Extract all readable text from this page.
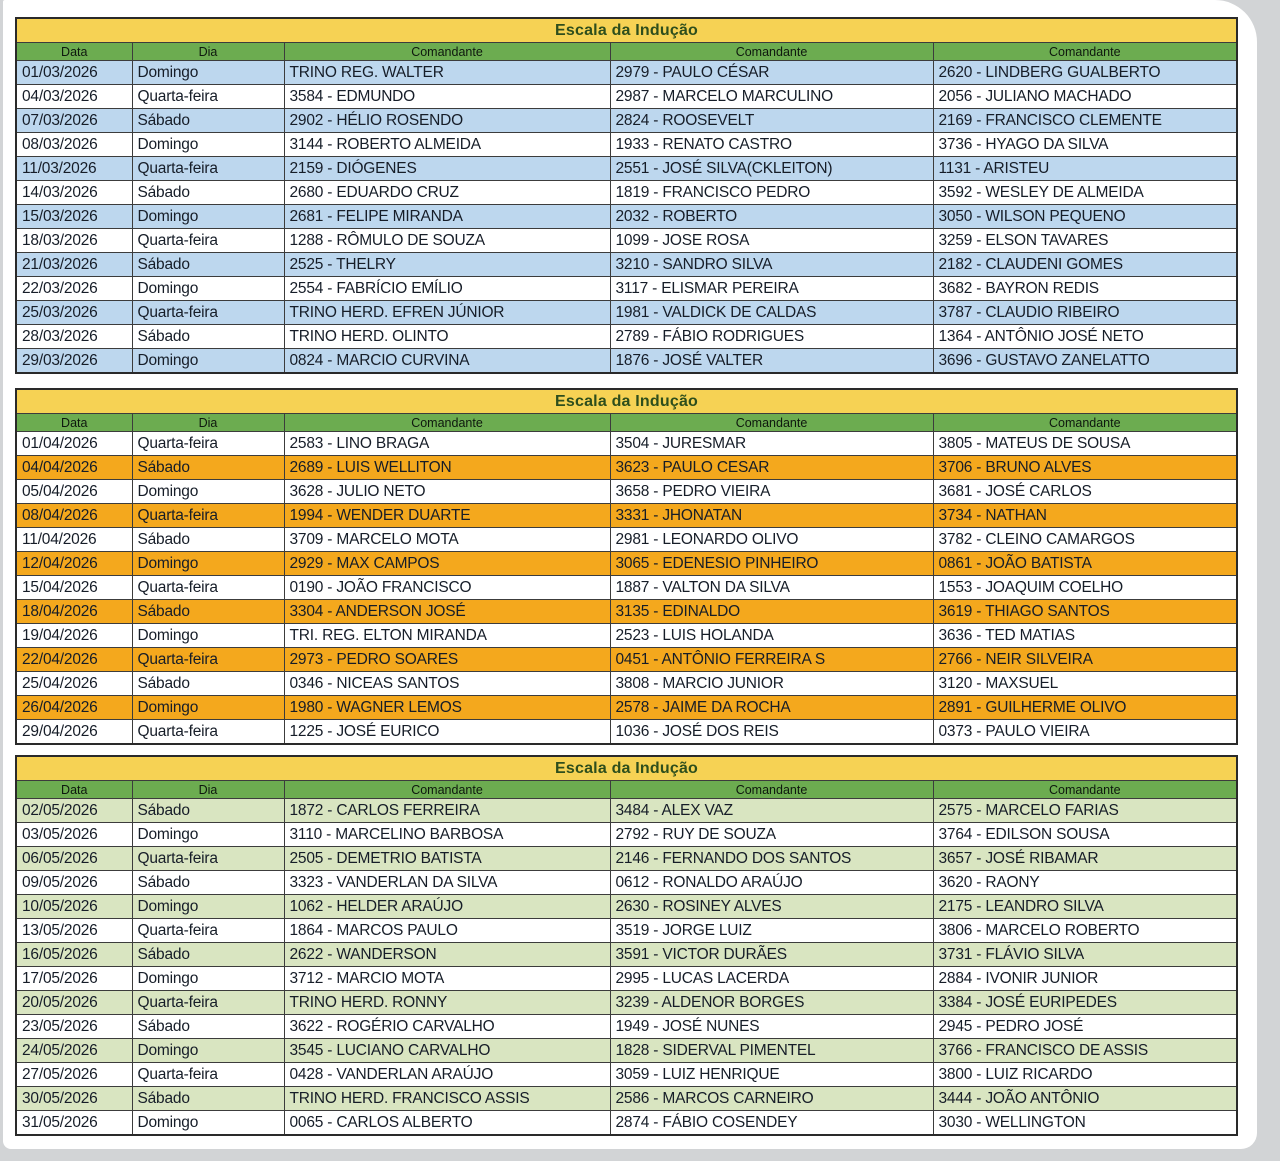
Escala da Indução				
Data	Dia	Comandante	Comandante	Comandante
01/03/2026	Domingo	TRINO REG. WALTER	2979 - PAULO CÉSAR	2620 - LINDBERG GUALBERTO
04/03/2026	Quarta-feira	3584 - EDMUNDO	2987 - MARCELO MARCULINO	2056 - JULIANO MACHADO
07/03/2026	Sábado	2902 - HÉLIO ROSENDO	2824 - ROOSEVELT	2169 - FRANCISCO CLEMENTE
08/03/2026	Domingo	3144 - ROBERTO ALMEIDA	1933 - RENATO CASTRO	3736 - HYAGO DA SILVA
11/03/2026	Quarta-feira	2159 - DIÓGENES	2551 - JOSÉ SILVA(CKLEITON)	1131 - ARISTEU
14/03/2026	Sábado	2680 - EDUARDO CRUZ	1819 - FRANCISCO PEDRO	3592 - WESLEY DE ALMEIDA
15/03/2026	Domingo	2681 - FELIPE MIRANDA	2032 - ROBERTO	3050 - WILSON PEQUENO
18/03/2026	Quarta-feira	1288 - RÔMULO DE SOUZA	1099 - JOSE ROSA	3259 - ELSON TAVARES
21/03/2026	Sábado	2525 - THELRY	3210 - SANDRO SILVA	2182 - CLAUDENI GOMES
22/03/2026	Domingo	2554 - FABRÍCIO EMÍLIO	3117 - ELISMAR PEREIRA	3682 - BAYRON REDIS
25/03/2026	Quarta-feira	TRINO HERD. EFREN JÚNIOR	1981 - VALDICK DE CALDAS	3787 - CLAUDIO RIBEIRO
28/03/2026	Sábado	TRINO HERD. OLINTO	2789 - FÁBIO RODRIGUES	1364 - ANTÔNIO JOSÉ NETO
29/03/2026	Domingo	0824 - MARCIO CURVINA	1876 - JOSÉ VALTER	3696 - GUSTAVO ZANELATTO
Escala da Indução				
Data	Dia	Comandante	Comandante	Comandante
01/04/2026	Quarta-feira	2583 - LINO BRAGA	3504 - JURESMAR	3805 - MATEUS DE SOUSA
04/04/2026	Sábado	2689 - LUIS WELLITON	3623 - PAULO CESAR	3706 - BRUNO ALVES
05/04/2026	Domingo	3628 - JULIO NETO	3658 - PEDRO VIEIRA	3681 - JOSÉ CARLOS
08/04/2026	Quarta-feira	1994 - WENDER DUARTE	3331 - JHONATAN	3734 - NATHAN
11/04/2026	Sábado	3709 - MARCELO MOTA	2981 - LEONARDO OLIVO	3782 - CLEINO CAMARGOS
12/04/2026	Domingo	2929 - MAX CAMPOS	3065 - EDENESIO PINHEIRO	0861 - JOÃO BATISTA
15/04/2026	Quarta-feira	0190 - JOÃO FRANCISCO	1887 - VALTON DA SILVA	1553 - JOAQUIM COELHO
18/04/2026	Sábado	3304 - ANDERSON JOSÉ	3135 - EDINALDO	3619 - THIAGO SANTOS
19/04/2026	Domingo	TRI. REG. ELTON MIRANDA	2523 - LUIS HOLANDA	3636 - TED MATIAS
22/04/2026	Quarta-feira	2973 - PEDRO SOARES	0451 - ANTÔNIO FERREIRA S	2766 - NEIR SILVEIRA
25/04/2026	Sábado	0346 - NICEAS SANTOS	3808 - MARCIO JUNIOR	3120 - MAXSUEL
26/04/2026	Domingo	1980 - WAGNER LEMOS	2578 - JAIME DA ROCHA	2891 - GUILHERME OLIVO
29/04/2026	Quarta-feira	1225 - JOSÉ EURICO	1036 - JOSÉ DOS REIS	0373 - PAULO VIEIRA
Escala da Indução				
Data	Dia	Comandante	Comandante	Comandante
02/05/2026	Sábado	1872 - CARLOS FERREIRA	3484 - ALEX VAZ	2575 - MARCELO FARIAS
03/05/2026	Domingo	3110 - MARCELINO BARBOSA	2792 - RUY DE SOUZA	3764 - EDILSON SOUSA
06/05/2026	Quarta-feira	2505 - DEMETRIO BATISTA	2146 - FERNANDO DOS SANTOS	3657 - JOSÉ RIBAMAR
09/05/2026	Sábado	3323 - VANDERLAN DA SILVA	0612 - RONALDO ARAÚJO	3620 - RAONY
10/05/2026	Domingo	1062 - HELDER ARAÚJO	2630 - ROSINEY ALVES	2175 - LEANDRO SILVA
13/05/2026	Quarta-feira	1864 - MARCOS PAULO	3519 - JORGE LUIZ	3806 - MARCELO ROBERTO
16/05/2026	Sábado	2622 - WANDERSON	3591 - VICTOR DURÃES	3731 - FLÁVIO SILVA
17/05/2026	Domingo	3712 - MARCIO MOTA	2995 - LUCAS LACERDA	2884 - IVONIR JUNIOR
20/05/2026	Quarta-feira	TRINO HERD. RONNY	3239 - ALDENOR BORGES	3384 - JOSÉ EURIPEDES
23/05/2026	Sábado	3622 - ROGÉRIO CARVALHO	1949 - JOSÉ NUNES	2945 - PEDRO JOSÉ
24/05/2026	Domingo	3545 - LUCIANO CARVALHO	1828 - SIDERVAL PIMENTEL	3766 - FRANCISCO DE ASSIS
27/05/2026	Quarta-feira	0428 - VANDERLAN ARAÚJO	3059 - LUIZ HENRIQUE	3800 - LUIZ RICARDO
30/05/2026	Sábado	TRINO HERD. FRANCISCO ASSIS	2586 - MARCOS CARNEIRO	3444 - JOÃO ANTÔNIO
31/05/2026	Domingo	0065 - CARLOS ALBERTO	2874 - FÁBIO COSENDEY	3030 - WELLINGTON
